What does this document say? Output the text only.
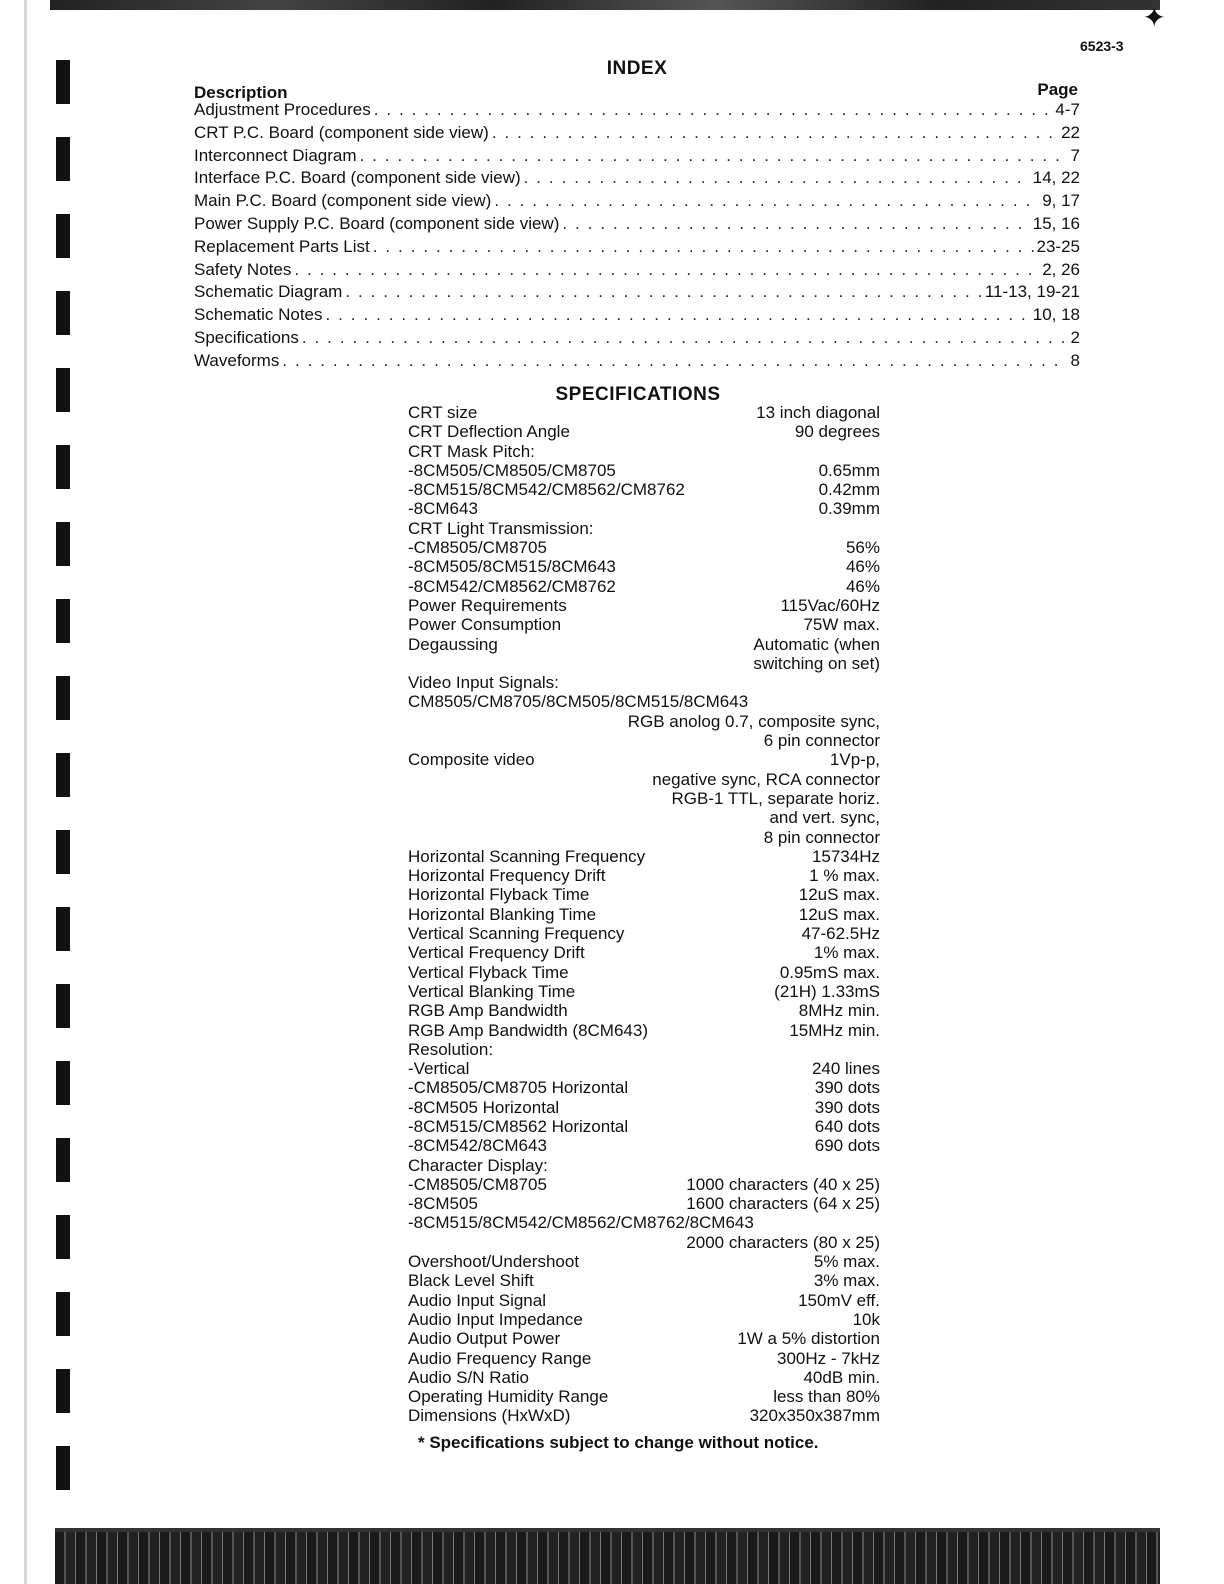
✦
6523-3
INDEX
Description	Page
Adjustment Procedures . . .	4-7
CRT P.C. Board (component side view) . . .	22
Interconnect Diagram . . .	7
Interface P.C. Board (component side view) . . .	14, 22
Main P.C. Board (component side view) . . .	9, 17
Power Supply P.C. Board (component side view) . . .	15, 16
Replacement Parts List . . .	23-25
Safety Notes . . .	2, 26
Schematic Diagram . . .	11-13, 19-21
Schematic Notes . . .	10, 18
Specifications . . .	2
Waveforms . . .	8
SPECIFICATIONS
CRT size	13 inch diagonal
CRT Deflection Angle	90 degrees
CRT Mask Pitch:
-8CM505/CM8505/CM8705	0.65mm
-8CM515/8CM542/CM8562/CM8762	0.42mm
-8CM643	0.39mm
CRT Light Transmission:
-CM8505/CM8705	56%
-8CM505/8CM515/8CM643	46%
-8CM542/CM8562/CM8762	46%
Power Requirements	115Vac/60Hz
Power Consumption	75W max.
Degaussing	Automatic (when
switching on set)
Video Input Signals:
CM8505/CM8705/8CM505/8CM515/8CM643
RGB anolog 0.7, composite sync,
6 pin connector
Composite video	1Vp-p,
negative sync, RCA connector
RGB-1 TTL, separate horiz.
and vert. sync,
8 pin connector
Horizontal Scanning Frequency	15734Hz
Horizontal Frequency Drift	1 % max.
Horizontal Flyback Time	12uS max.
Horizontal Blanking Time	12uS max.
Vertical Scanning Frequency	47-62.5Hz
Vertical Frequency Drift	1% max.
Vertical Flyback Time	0.95mS max.
Vertical Blanking Time	(21H) 1.33mS
RGB Amp Bandwidth	8MHz min.
RGB Amp Bandwidth (8CM643)	15MHz min.
Resolution:
-Vertical	240 lines
-CM8505/CM8705 Horizontal	390 dots
-8CM505 Horizontal	390 dots
-8CM515/CM8562 Horizontal	640 dots
-8CM542/8CM643	690 dots
Character Display:
-CM8505/CM8705	1000 characters (40 x 25)
-8CM505	1600 characters (64 x 25)
-8CM515/8CM542/CM8562/CM8762/8CM643
2000 characters (80 x 25)
Overshoot/Undershoot	5% max.
Black Level Shift	3% max.
Audio Input Signal	150mV eff.
Audio Input Impedance	10k
Audio Output Power	1W a 5% distortion
Audio Frequency Range	300Hz - 7kHz
Audio S/N Ratio	40dB min.
Operating Humidity Range	less than 80%
Dimensions (HxWxD)	320x350x387mm
* Specifications subject to change without notice.
